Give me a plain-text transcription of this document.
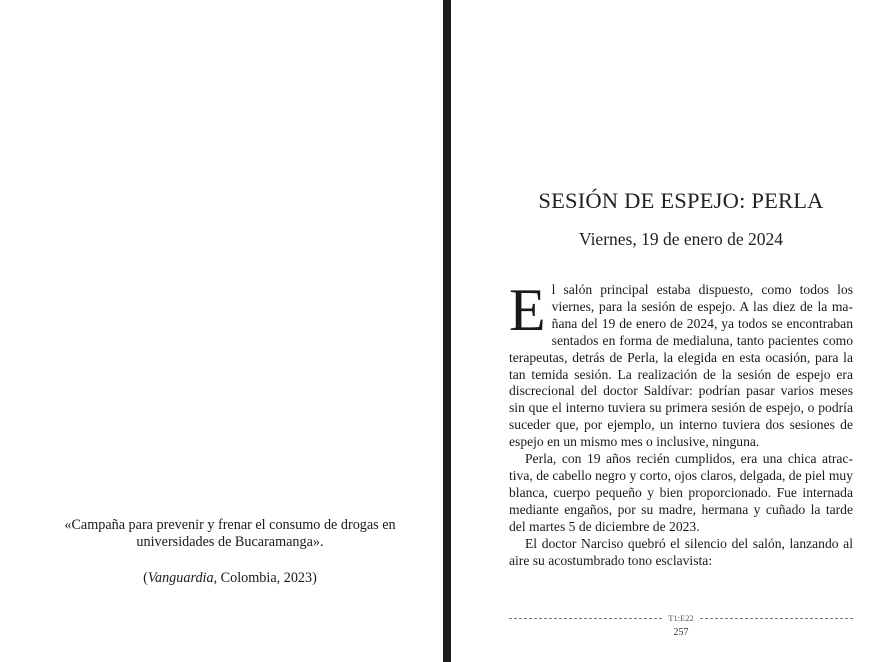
«Campaña para prevenir y frenar el consumo de drogas en universidades de Bucaramanga».
(Vanguardia, Colombia, 2023)
SESIÓN DE ESPEJO: PERLA
Viernes, 19 de enero de 2024

El salón principal estaba dispuesto, como todos los viernes, para la sesión de espejo. A las diez de la mañana del 19 de enero de 2024, ya todos se encontraban sentados en forma de medialuna, tanto pacientes como terapeutas, detrás de Perla, la elegida en esta ocasión, para la tan temida sesión. La realización de la sesión de espejo era discrecional del doctor Saldívar: podrían pasar varios meses sin que el interno tuviera su primera sesión de espejo, o podría suceder que, por ejemplo, un interno tuviera dos sesiones de espejo en un mismo mes o inclusive, ninguna.

Perla, con 19 años recién cumplidos, era una chica atractiva, de cabello negro y corto, ojos claros, delgada, de piel muy blanca, cuerpo pequeño y bien proporcionado. Fue internada mediante engaños, por su madre, hermana y cuñado la tarde del martes 5 de diciembre de 2023.

El doctor Narciso quebró el silencio del salón, lanzando al aire su acostumbrado tono esclavista:

T1:E22
257
